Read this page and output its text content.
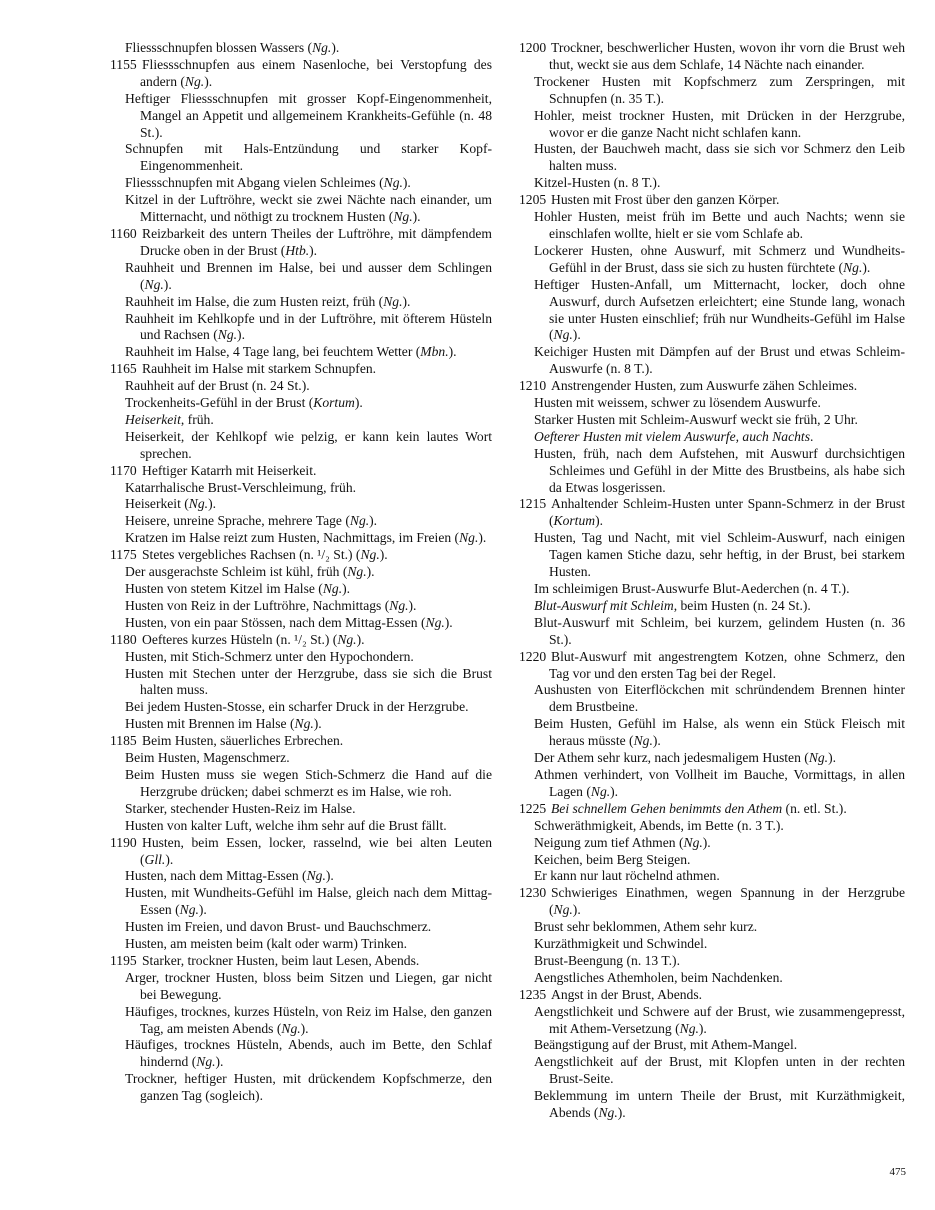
Fliessschnupfen blossen Wassers (Ng.).
1155 Fliessschnupfen aus einem Nasenloche, bei Verstopfung des andern (Ng.).
Heftiger Fliessschnupfen mit grosser Kopf-Eingenommenheit, Mangel an Appetit und allgemeinem Krankheits-Gefühle (n. 48 St.).
Schnupfen mit Hals-Entzündung und starker Kopf-Eingenommenheit.
Fliessschnupfen mit Abgang vielen Schleimes (Ng.).
Kitzel in der Luftröhre, weckt sie zwei Nächte nach einander, um Mitternacht, und nöthigt zu trocknem Husten (Ng.).
1160 Reizbarkeit des untern Theiles der Luftröhre, mit dämpfendem Drucke oben in der Brust (Htb.).
Rauhheit und Brennen im Halse, bei und ausser dem Schlingen (Ng.).
Rauhheit im Halse, die zum Husten reizt, früh (Ng.).
Rauhheit im Kehlkopfe und in der Luftröhre, mit öfterem Hüsteln und Rachsen (Ng.).
Rauhheit im Halse, 4 Tage lang, bei feuchtem Wetter (Mbn.).
1165 Rauhheit im Halse mit starkem Schnupfen.
Rauhheit auf der Brust (n. 24 St.).
Trockenheits-Gefühl in der Brust (Kortum).
Heiserkeit, früh.
Heiserkeit, der Kehlkopf wie pelzig, er kann kein lautes Wort sprechen.
1170 Heftiger Katarrh mit Heiserkeit.
Katarrhalische Brust-Verschleimung, früh.
Heiserkeit (Ng.).
Heisere, unreine Sprache, mehrere Tage (Ng.).
Kratzen im Halse reizt zum Husten, Nachmittags, im Freien (Ng.).
1175 Stetes vergebliches Rachsen (n. ¹/₂ St.) (Ng.).
Der ausgerachste Schleim ist kühl, früh (Ng.).
Husten von stetem Kitzel im Halse (Ng.).
Husten von Reiz in der Luftröhre, Nachmittags (Ng.).
Husten, von ein paar Stössen, nach dem Mittag-Essen (Ng.).
1180 Oefteres kurzes Hüsteln (n. ¹/₂ St.) (Ng.).
Husten, mit Stich-Schmerz unter den Hypochondern.
Husten mit Stechen unter der Herzgrube, dass sie sich die Brust halten muss.
Bei jedem Husten-Stosse, ein scharfer Druck in der Herzgrube.
Husten mit Brennen im Halse (Ng.).
1185 Beim Husten, säuerliches Erbrechen.
Beim Husten, Magenschmerz.
Beim Husten muss sie wegen Stich-Schmerz die Hand auf die Herzgrube drücken; dabei schmerzt es im Halse, wie roh.
Starker, stechender Husten-Reiz im Halse.
Husten von kalter Luft, welche ihm sehr auf die Brust fällt.
1190 Husten, beim Essen, locker, rasselnd, wie bei alten Leuten (Gll.).
Husten, nach dem Mittag-Essen (Ng.).
Husten, mit Wundheits-Gefühl im Halse, gleich nach dem Mittag-Essen (Ng.).
Husten im Freien, und davon Brust- und Bauchschmerz.
Husten, am meisten beim (kalt oder warm) Trinken.
1195 Starker, trockner Husten, beim laut Lesen, Abends.
Arger, trockner Husten, bloss beim Sitzen und Liegen, gar nicht bei Bewegung.
Häufiges, trocknes, kurzes Hüsteln, von Reiz im Halse, den ganzen Tag, am meisten Abends (Ng.).
Häufiges, trocknes Hüsteln, Abends, auch im Bette, den Schlaf hindernd (Ng.).
Trockner, heftiger Husten, mit drückendem Kopfschmerze, den ganzen Tag (sogleich).
1200 Trockner, beschwerlicher Husten, wovon ihr vorn die Brust weh thut, weckt sie aus dem Schlafe, 14 Nächte nach einander.
Trockener Husten mit Kopfschmerz zum Zerspringen, mit Schnupfen (n. 35 T.).
Hohler, meist trockner Husten, mit Drücken in der Herzgrube, wovor er die ganze Nacht nicht schlafen kann.
Husten, der Bauchweh macht, dass sie sich vor Schmerz den Leib halten muss.
Kitzel-Husten (n. 8 T.).
1205 Husten mit Frost über den ganzen Körper.
Hohler Husten, meist früh im Bette und auch Nachts; wenn sie einschlafen wollte, hielt er sie vom Schlafe ab.
Lockerer Husten, ohne Auswurf, mit Schmerz und Wundheits-Gefühl in der Brust, dass sie sich zu husten fürchtete (Ng.).
Heftiger Husten-Anfall, um Mitternacht, locker, doch ohne Auswurf, durch Aufsetzen erleichtert; eine Stunde lang, wonach sie unter Husten einschlief; früh nur Wundheits-Gefühl im Halse (Ng.).
Keichiger Husten mit Dämpfen auf der Brust und etwas Schleim-Auswurfe (n. 8 T.).
1210 Anstrengender Husten, zum Auswurfe zähen Schleimes.
Husten mit weissem, schwer zu lösendem Auswurfe.
Starker Husten mit Schleim-Auswurf weckt sie früh, 2 Uhr.
Oefterer Husten mit vielem Auswurfe, auch Nachts.
Husten, früh, nach dem Aufstehen, mit Auswurf durchsichtigen Schleimes und Gefühl in der Mitte des Brustbeins, als habe sich da Etwas losgerissen.
1215 Anhaltender Schleim-Husten unter Spann-Schmerz in der Brust (Kortum).
Husten, Tag und Nacht, mit viel Schleim-Auswurf, nach einigen Tagen kamen Stiche dazu, sehr heftig, in der Brust, bei starkem Husten.
Im schleimigen Brust-Auswurfe Blut-Aederchen (n. 4 T.).
Blut-Auswurf mit Schleim, beim Husten (n. 24 St.).
Blut-Auswurf mit Schleim, bei kurzem, gelindem Husten (n. 36 St.).
1220 Blut-Auswurf mit angestrengtem Kotzen, ohne Schmerz, den Tag vor und den ersten Tag bei der Regel.
Aushusten von Eiterflöckchen mit schründendem Brennen hinter dem Brustbeine.
Beim Husten, Gefühl im Halse, als wenn ein Stück Fleisch mit heraus müsste (Ng.).
Der Athem sehr kurz, nach jedesmaligem Husten (Ng.).
Athmen verhindert, von Vollheit im Bauche, Vormittags, in allen Lagen (Ng.).
1225 Bei schnellem Gehen benimmts den Athem (n. etl. St.).
Schweräthmigkeit, Abends, im Bette (n. 3 T.).
Neigung zum tief Athmen (Ng.).
Keichen, beim Berg Steigen.
Er kann nur laut röchelnd athmen.
1230 Schwieriges Einathmen, wegen Spannung in der Herzgrube (Ng.).
Brust sehr beklommen, Athem sehr kurz.
Kurzäthmigkeit und Schwindel.
Brust-Beengung (n. 13 T.).
Aengstliches Athemholen, beim Nachdenken.
1235 Angst in der Brust, Abends.
Aengstlichkeit und Schwere auf der Brust, wie zusammengepresst, mit Athem-Versetzung (Ng.).
Beängstigung auf der Brust, mit Athem-Mangel.
Aengstlichkeit auf der Brust, mit Klopfen unten in der rechten Brust-Seite.
Beklemmung im untern Theile der Brust, mit Kurzäthmigkeit, Abends (Ng.).
475
